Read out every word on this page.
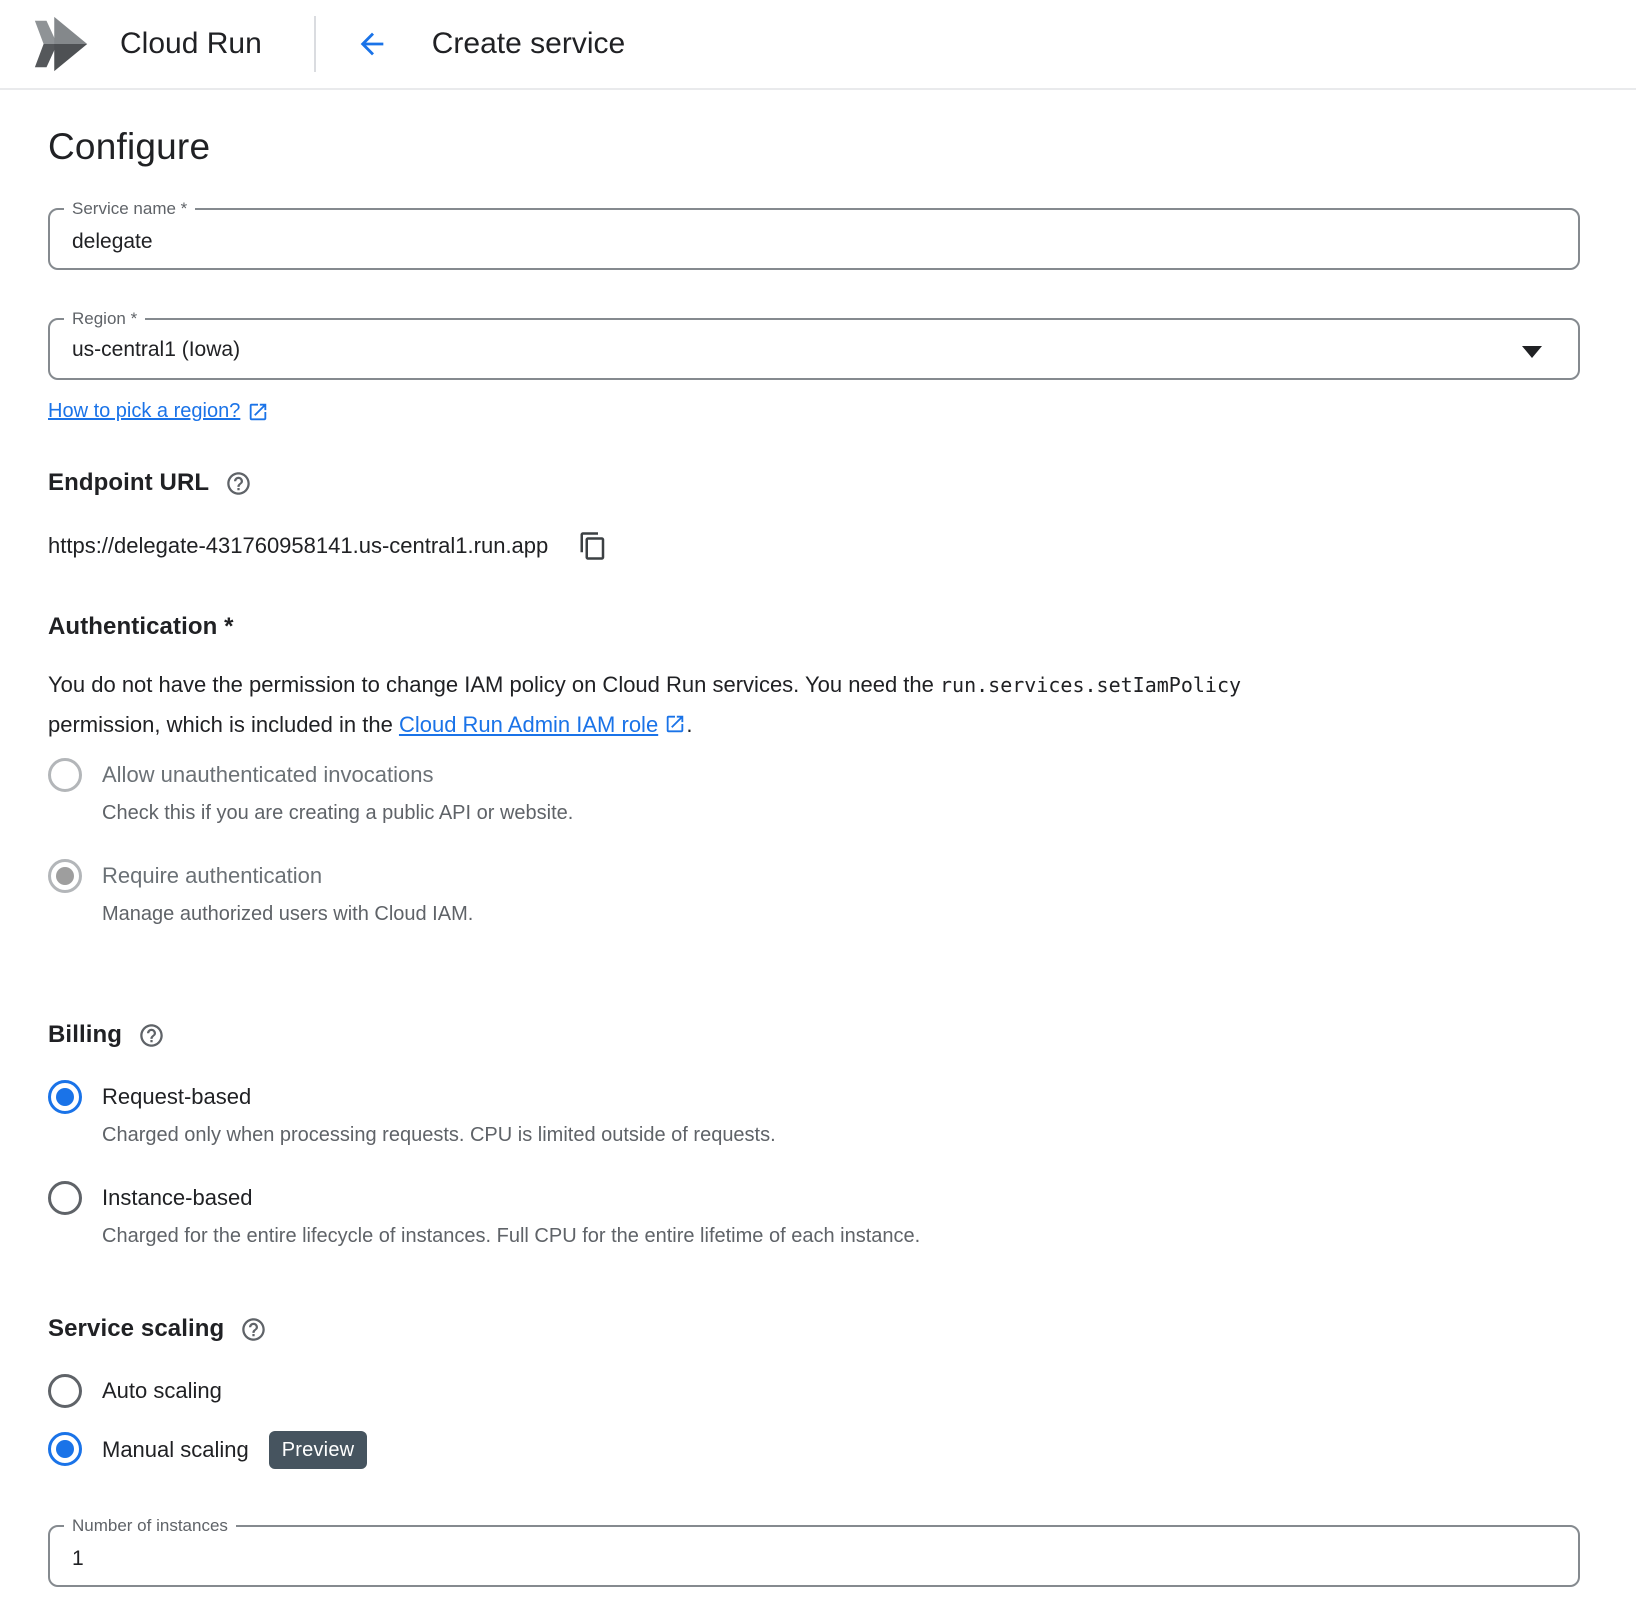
Cloud Run	Create service
Configure
Service name *
delegate
Region *
us-central1 (Iowa)
How to pick a region?
Endpoint URL
https://delegate-431760958141.us-central1.run.app
Authentication *
You do not have the permission to change IAM policy on Cloud Run services. You need the run.services.setIamPolicy permission, which is included in the Cloud Run Admin IAM role .
Allow unauthenticated invocations
Check this if you are creating a public API or website.
Require authentication
Manage authorized users with Cloud IAM.
Billing
Request-based
Charged only when processing requests. CPU is limited outside of requests.
Instance-based
Charged for the entire lifecycle of instances. Full CPU for the entire lifetime of each instance.
Service scaling
Auto scaling
Manual scaling	Preview
Number of instances
1
